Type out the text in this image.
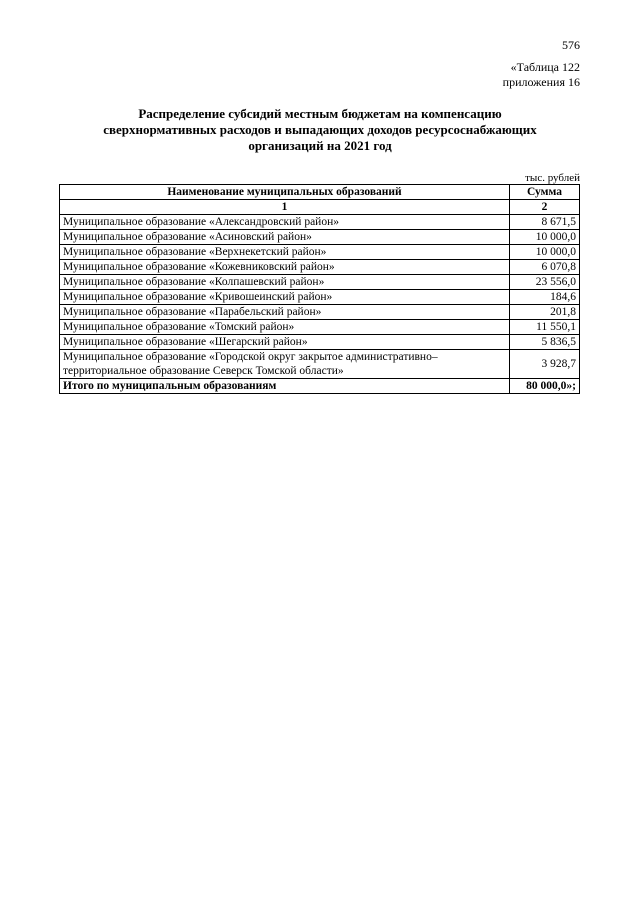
576
«Таблица 122
приложения 16
Распределение субсидий местным бюджетам на компенсацию
сверхнормативных расходов и выпадающих доходов ресурсоснабжающих
организаций на 2021 год
тыс. рублей
Наименование муниципальных образований	Сумма
1	2
Муниципальное образование «Александровский район»	8 671,5
Муниципальное образование «Асиновский район»	10 000,0
Муниципальное образование «Верхнекетский район»	10 000,0
Муниципальное образование «Кожевниковский район»	6 070,8
Муниципальное образование «Колпашевский район»	23 556,0
Муниципальное образование «Кривошеинский район»	184,6
Муниципальное образование «Парабельский район»	201,8
Муниципальное образование «Томский район»	11 550,1
Муниципальное образование «Шегарский район»	5 836,5

Муниципальное образование «Городской округ закрытое административно–
территориальное образование Северск Томской области»	3 928,7
Итого по муниципальным образованиям	80 000,0»;
